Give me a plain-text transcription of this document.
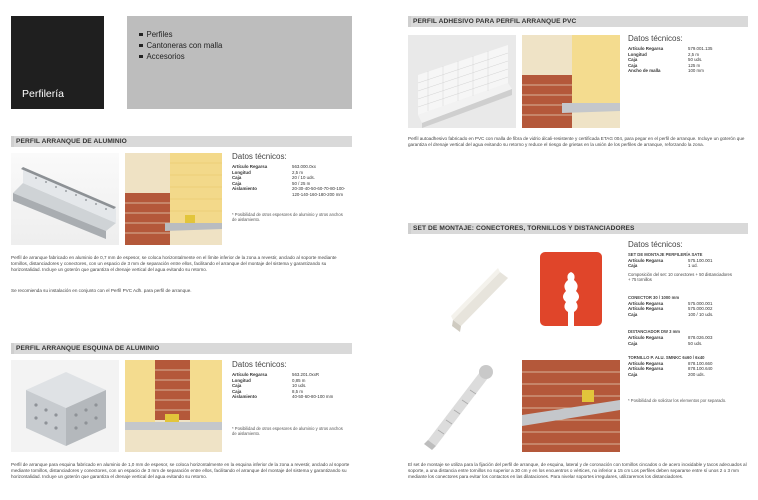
Perfilería
Perfiles
Cantoneras con malla
Accesorios
PERFIL ARRANQUE DE ALUMINIO
Datos técnicos:
Artículo Regarsa	563.000.0xx
Longitud	2,5 m
Caja	20 / 10 uds.
Caja	50 / 25 m
Aislamiento	20-30-40-50-60-70-80-100-120-140-160-180-200 mm
* Posibilidad de otros espesores de aluminio y otros anchos de aislamiento.
Perfil de arranque fabricado en aluminio de 0,7 mm de espesor, se coloca horizontalmente en el límite inferior de la zona a revestir, anclado al soporte mediante tornillos, distanciadores y conectores, con un espacio de 3 mm de separación entre ellos, facilitando el arranque del montaje del sistema y garantizando su horizontalidad. Incluye un goterón que garantiza el drenaje vertical del agua evitando su retorno.
Se recomienda su instalación en conjunto con el Perfil PVC Adh. para perfil de arranque.
PERFIL ARRANQUE ESQUINA DE ALUMINIO
Datos técnicos:
Artículo Regarsa	563.201.0xxR
Longitud	0,85 m
Caja	10 uds.
Caja	8,5 m
Aislamiento	40-50-60-80-100 mm
* Posibilidad de otros espesores de aluminio y otros anchos de aislamiento.
Perfil de arranque para esquina fabricado en aluminio de 1,0 mm de espesor, se coloca horizontalmente en la esquina inferior de la zona a revestir, anclado al soporte mediante tornillos, distanciadores y conectores, con un espacio de 3 mm de separación entre ellos, facilitando el arranque del montaje del sistema y garantizando su horizontalidad. Incluye un goterón que garantiza el drenaje vertical del agua evitando su retorno.
PERFIL ADHESIVO PARA PERFIL ARRANQUE PVC
Datos técnicos:
Artículo Regarsa	579.001.135
Longitud	2,5 m
Caja	50 uds.
Caja	125 m
Ancho de malla	100 mm
Perfil autoadhesivo fabricado en PVC con malla de fibra de vidrio álcali-resistente y certificada ETAG 004, para pegar en el perfil de arranque. Incluye un goterón que garantiza el drenaje vertical del agua evitando su retorno y reduce el riesgo de grietas en la unión de los perfiles de arranque, reforzando la zona.
SET DE MONTAJE: CONECTORES, TORNILLOS Y DISTANCIADORES
Datos técnicos:
SET DE MONTAJE PERFILERÍA SATE
Artículo Regarsa	575.100.001
Caja	1 ud.
Composición del set: 10 conectores + 50 distanciadores + 75 tornillos
CONECTOR 30 / 1000 mm
Artículo Regarsa	575.000.001
Artículo Regarsa	575.000.002
Caja	100 / 10 uds.
DISTANCIADOR DW 3 mm
Artículo Regarsa	878.026.003
Caja	50 uds.
TORNILLO P. ALU. SMNKC 6x60 / 6x40
Artículo Regarsa	878.100.660
Artículo Regarsa	878.100.640
Caja	200 uds.
* Posibilidad de solicitar los elementos por separado.
El set de montaje se utiliza para la fijación del perfil de arranque, de esquina, lateral y de coronación con tornillos cincados o de acero inoxidable y tacos adecuados al soporte, a una distancia entre tornillos no superior a 30 cm y en los encuentros o vértices, no inferior a 15 cm Los perfiles deben separarse entre sí unos 2 o 3 mm mediante los conectores para evitar los contactos en las dilataciones. Para nivelar soportes irregulares, utilizaremos los distanciadores.
